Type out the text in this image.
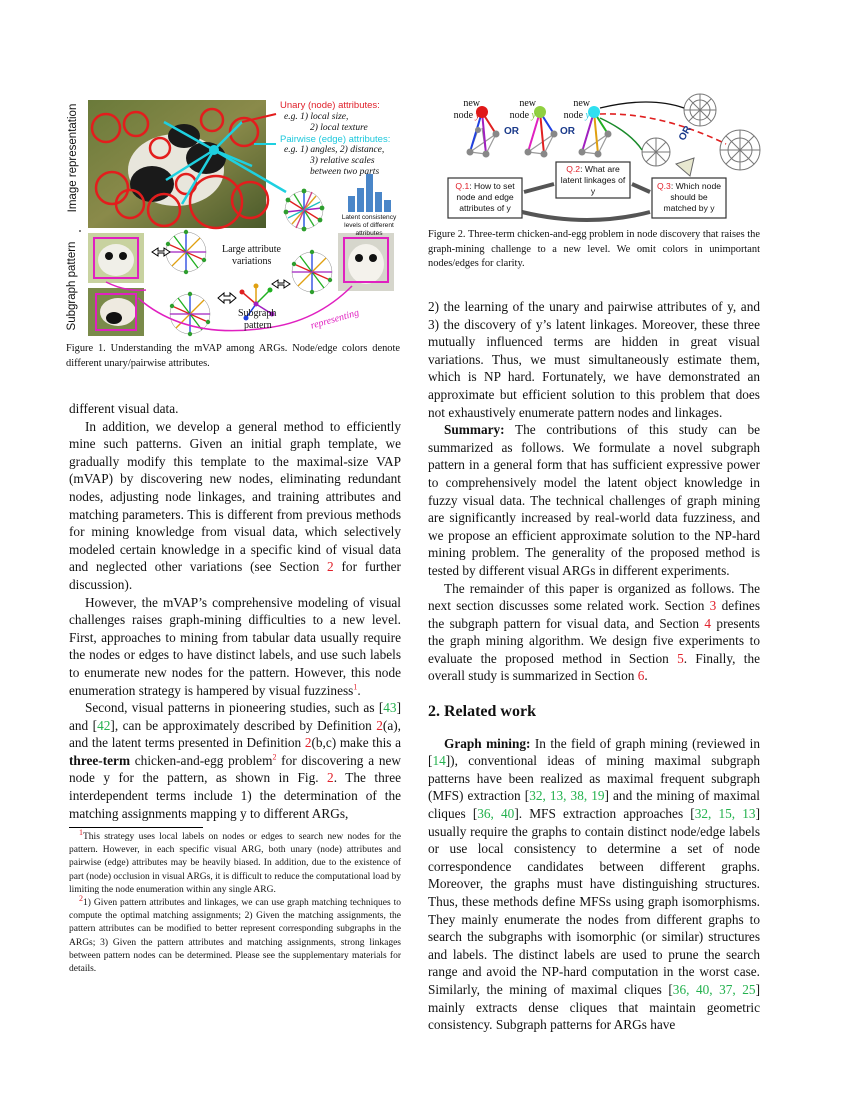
Image representation
Subgraph pattern
Unary (node) attributes:
e.g. 1) local size,
2) local texture
Pairwise (edge) attributes:
e.g. 1) angles, 2) distance,
3) relative scales
between two parts
Latent consistency levels of different attributes
Large attribute
variations
Subgraph
pattern	representing
Figure 1. Understanding the mVAP among ARGs. Node/edge colors denote different unary/pairwise attributes.
new
node y
new
node y
new
node y
OR	OR	OR
Q.1: How to set node and edge attributes of y
Q.2: What are latent linkages of y	Q.3: Which node should be matched by y
Figure 2. Three-term chicken-and-egg problem in node discovery that raises the graph-mining challenge to a new level. We omit colors in unimportant nodes/edges for clarity.

different visual data.

In addition, we develop a general method to efficiently mine such patterns. Given an initial graph template, we gradually modify this template to the maximal-size VAP (mVAP) by discovering new nodes, eliminating redundant nodes, adjusting node linkages, and training attributes and matching parameters. This is different from previous methods for mining knowledge from visual data, which selectively modeled certain knowledge in a specific kind of visual data and neglected other variations (see Section 2 for further discussion).

However, the mVAP’s comprehensive modeling of visual challenges raises graph-mining difficulties to a new level. First, approaches to mining from tabular data usually require the nodes or edges to have distinct labels, and use such labels to enumerate new nodes for the pattern. However, this node enumeration strategy is hampered by visual fuzziness$^1$.

Second, visual patterns in pioneering studies, such as [43] and [42], can be approximately described by Definition 2(a), and the latent terms presented in Definition 2(b,c) make this a three-term chicken-and-egg problem$^2$ for discovering a new node y for the pattern, as shown in Fig. 2. The three interdependent terms include 1) the determination of the matching assignments mapping y to different ARGs,

$^1$This strategy uses local labels on nodes or edges to search new nodes for the pattern. However, in each specific visual ARG, both unary (node) attributes and pairwise (edge) attributes may be heavily biased. In addition, due to the existence of part (node) occlusion in visual ARGs, it is difficult to reduce the computational load by limiting the node enumeration within any single ARG.

$^2$1) Given pattern attributes and linkages, we can use graph matching techniques to compute the optimal matching assignments; 2) Given the matching assignments, the pattern attributes can be modified to better represent corresponding subgraphs in the ARGs; 3) Given the pattern attributes and matching assignments, strong linkages between pattern nodes can be determined. Please see the supplementary materials for details.

2) the learning of the unary and pairwise attributes of y, and 3) the discovery of y’s latent linkages. Moreover, these three mutually influenced terms are hidden in great visual variations. Thus, we must simultaneously estimate them, which is NP hard. Fortunately, we have demonstrated an approximate but efficient solution to this problem that does not exhaustively enumerate pattern nodes and linkages.

Summary: The contributions of this study can be summarized as follows. We formulate a novel subgraph pattern in a general form that has sufficient expressive power to comprehensively model the latent object knowledge in fuzzy visual data. The technical challenges of graph mining are significantly increased by real-world data fuzziness, and we propose an efficient approximate solution to the NP-hard mining problem. The generality of the proposed method is tested by different visual ARGs in different experiments.

The remainder of this paper is organized as follows. The next section discusses some related work. Section 3 defines the subgraph pattern for visual data, and Section 4 presents the graph mining algorithm. We design five experiments to evaluate the proposed method in Section 5. Finally, the overall study is summarized in Section 6.

2. Related work

Graph mining: In the field of graph mining (reviewed in [14]), conventional ideas of mining maximal subgraph patterns have been realized as maximal frequent subgraph (MFS) extraction [32, 13, 38, 19] and the mining of maximal cliques [36, 40]. MFS extraction approaches [32, 15, 13] usually require the graphs to contain distinct node/edge labels or use local consistency to determine a set of node correspondence candidates between different graphs. Moreover, the graphs must have distinguishing structures. Thus, these methods define MFSs using graph isomorphisms. They mainly enumerate the nodes from different graphs to search the subgraphs with isomorphic (or similar) structures and labels. The distinct labels are used to prune the search range and avoid the NP-hard computation in the worst case. Similarly, the mining of maximal cliques [36, 40, 37, 25] mainly extracts dense cliques that maintain geometric consistency. Subgraph patterns for ARGs have
